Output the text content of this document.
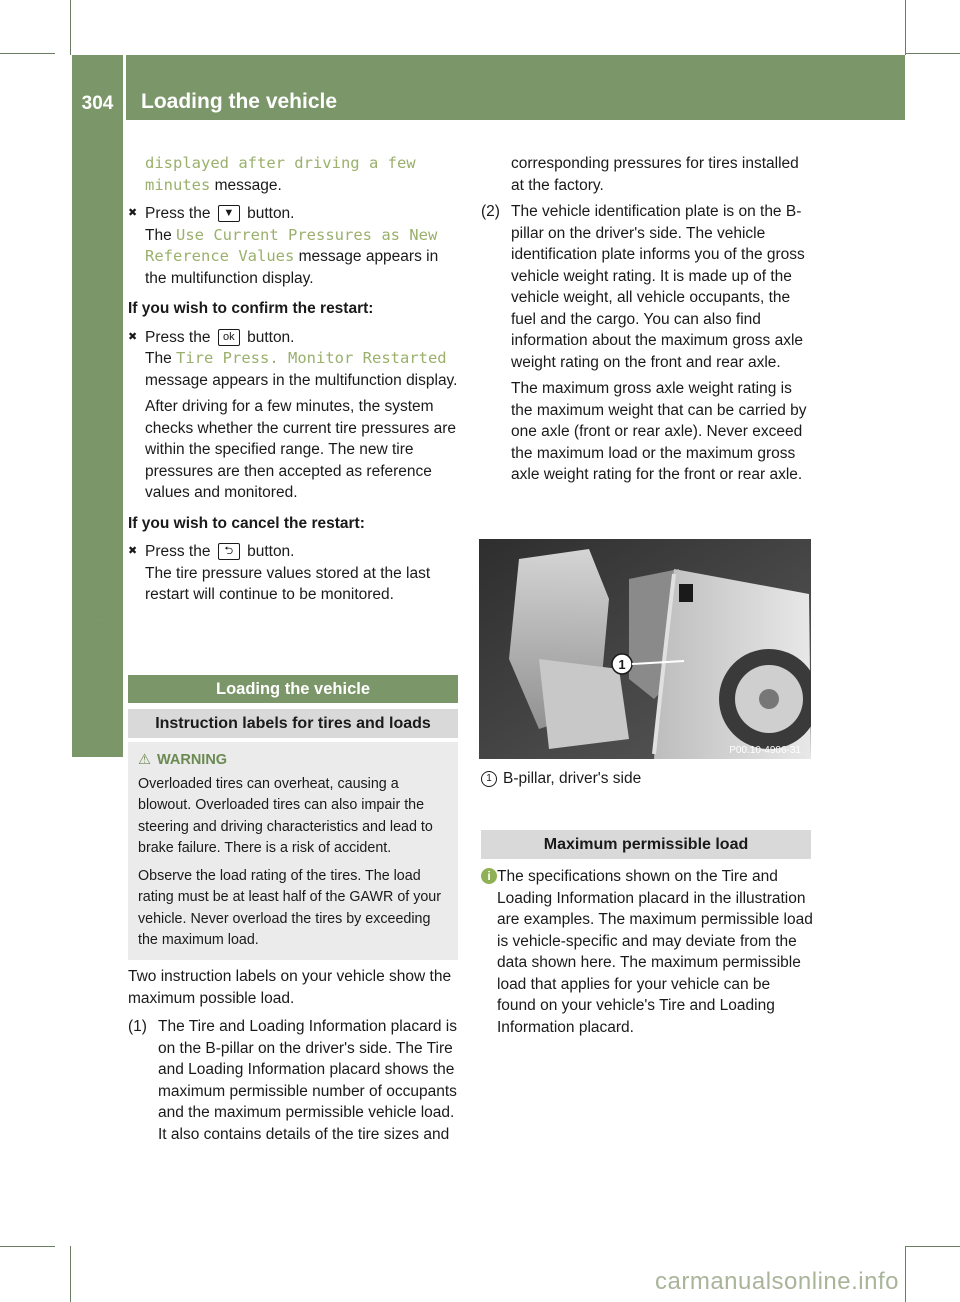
304	Loading the vehicle
Wheels and tires

displayed after driving a few
minutes message.

✖ Press the ▼ button.
The Use Current Pressures as New
Reference Values message appears in
the multifunction display.

If you wish to confirm the restart:

✖ Press the ok button.
The Tire Press. Monitor Restarted
message appears in the multifunction display.

After driving for a few minutes, the system checks whether the current tire pressures are within the specified range. The new tire pressures are then accepted as reference values and monitored.

If you wish to cancel the restart:

✖ Press the ⮌ button.
The tire pressure values stored at the last restart will continue to be monitored.
Loading the vehicle
Instruction labels for tires and loads
⚠ WARNING

Overloaded tires can overheat, causing a blowout. Overloaded tires can also impair the steering and driving characteristics and lead to brake failure. There is a risk of accident.

Observe the load rating of the tires. The load rating must be at least half of the GAWR of your vehicle. Never overload the tires by exceeding the maximum load.

Two instruction labels on your vehicle show the maximum possible load.

(1) The Tire and Loading Information placard is on the B-pillar on the driver's side. The Tire and Loading Information placard shows the maximum permissible number of occupants and the maximum permissible vehicle load. It also contains details of the tire sizes and

corresponding pressures for tires installed at the factory.

(2) The vehicle identification plate is on the B-pillar on the driver's side. The vehicle identification plate informs you of the gross vehicle weight rating. It is made up of the vehicle weight, all vehicle occupants, the fuel and the cargo. You can also find information about the maximum gross axle weight rating on the front and rear axle.

The maximum gross axle weight rating is the maximum weight that can be carried by one axle (front or rear axle). Never exceed the maximum load or the maximum gross axle weight rating for the front or rear axle.

1
P00.10-4906-31

1 B-pillar, driver's side

Maximum permissible load
i The specifications shown on the Tire and Loading Information placard in the illustration are examples. The maximum permissible load is vehicle-specific and may deviate from the data shown here. The maximum permissible load that applies for your vehicle can be found on your vehicle's Tire and Loading Information placard.

carmanualsonline.info
